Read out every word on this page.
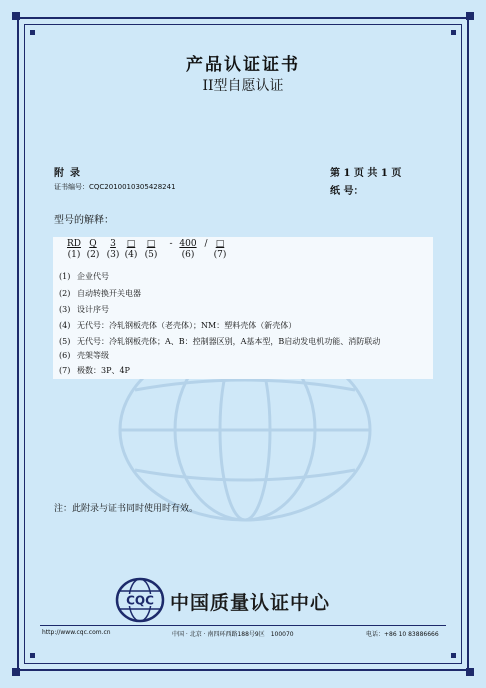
产品认证证书
II型自愿认证
附录	第 1 页 共 1 页
证书编号：CQC2010010305428241	纸 号：
型号的解释：
RD Q	3	□ □	- 400 / □
(1) (2) (3) (4) (5)	(6)	(7)
(1) 企业代号
(2) 自动转换开关电器
(3) 设计序号
(4) 无代号：冷轧钢板壳体（老壳体）；NM：塑料壳体（新壳体）
(5) 无代号：冷轧钢板壳体；A、B：控制器区别，A基本型，B启动发电机功能、消防联动
(6) 壳架等级
(7) 极数：3P、4P
注：此附录与证书同时使用时有效。
CQC 中国质量认证中心
http://www.cqc.com.cn	中国 · 北京 · 南四环西路188号9区　100070	电话：+86 10 83886666
